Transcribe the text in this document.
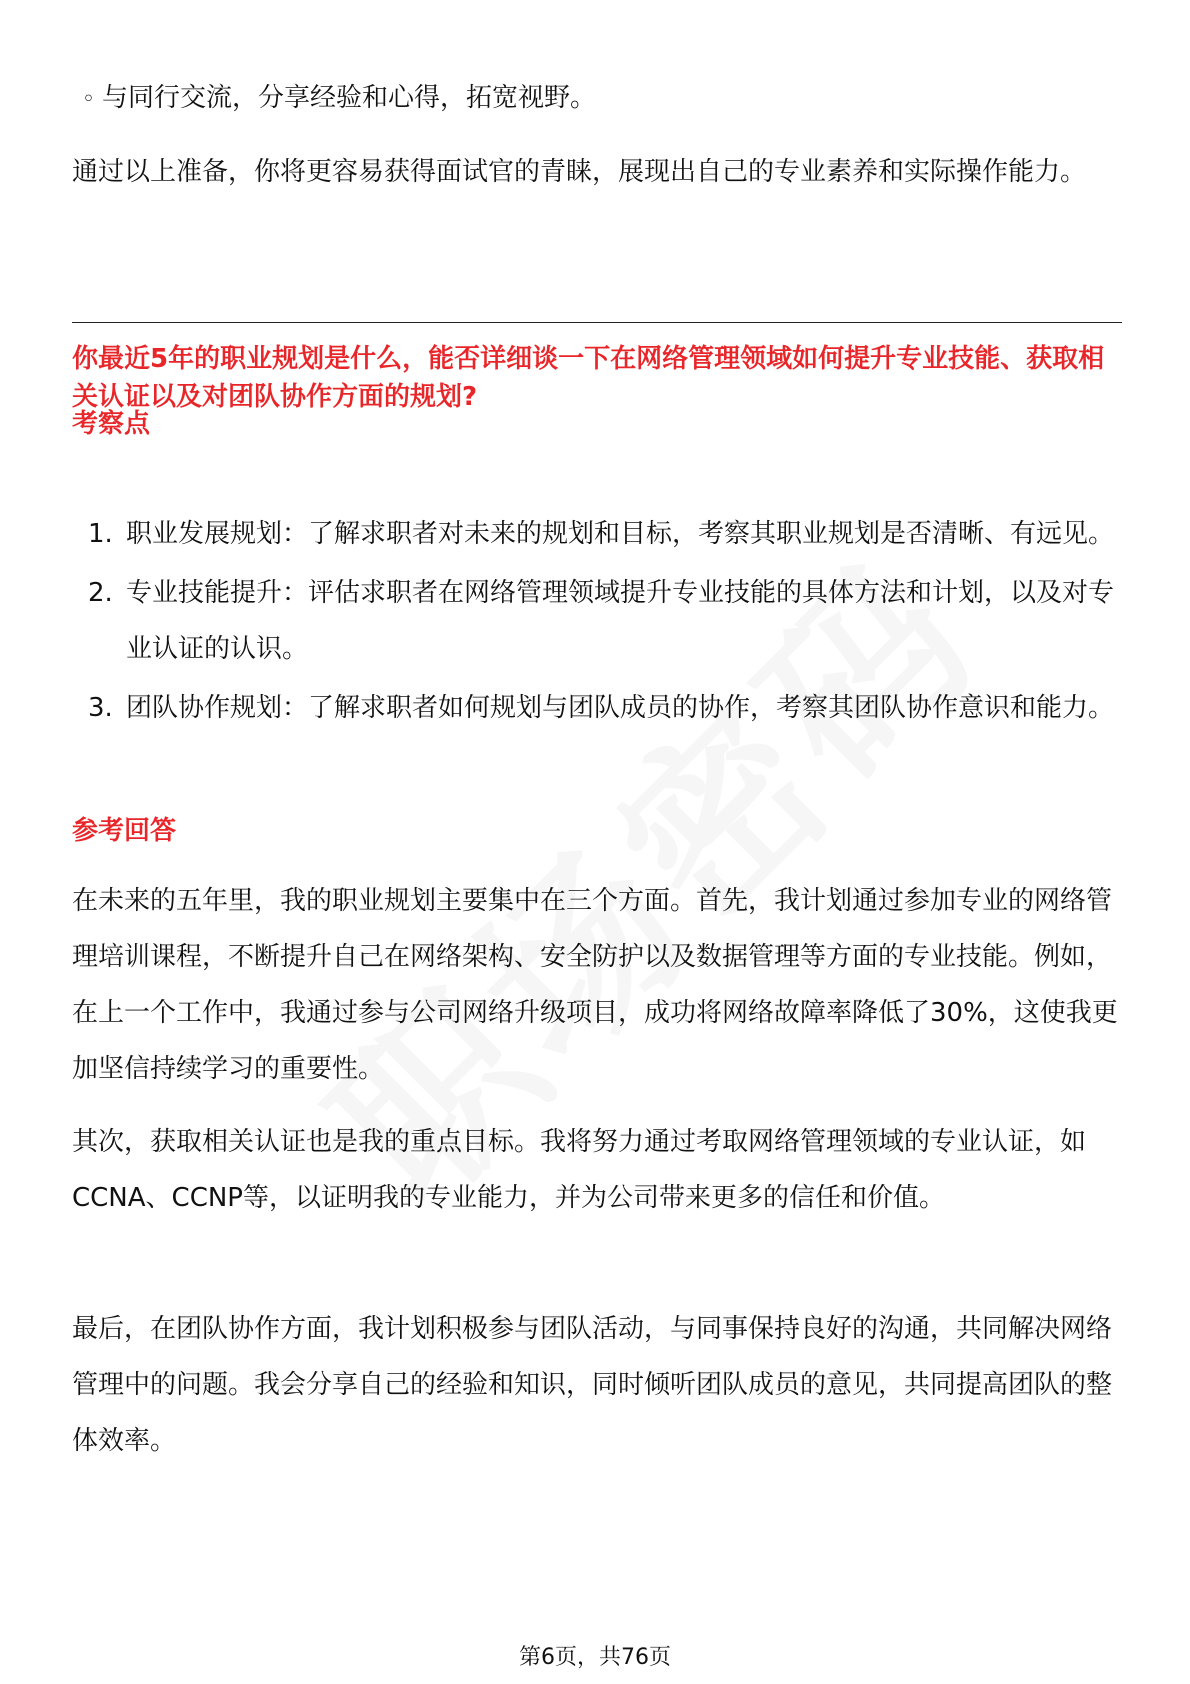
◦ 与同行交流，分享经验和心得，拓宽视野。

通过以上准备，你将更容易获得面试官的青睐，展现出自己的专业素养和实际操作能力。

你最近5年的职业规划是什么，能否详细谈一下在网络管理领域如何提升专业技能、获取相关认证以及对团队协作方面的规划?

考察点
1. 职业发展规划：了解求职者对未来的规划和目标，考察其职业规划是否清晰、有远见。
2. 专业技能提升：评估求职者在网络管理领域提升专业技能的具体方法和计划，以及对专业认证的认识。
3. 团队协作规划：了解求职者如何规划与团队成员的协作，考察其团队协作意识和能力。
参考回答

在未来的五年里，我的职业规划主要集中在三个方面。首先，我计划通过参加专业的网络管理培训课程，不断提升自己在网络架构、安全防护以及数据管理等方面的专业技能。例如，在上一个工作中，我通过参与公司网络升级项目，成功将网络故障率降低了30%，这使我更加坚信持续学习的重要性。

其次，获取相关认证也是我的重点目标。我将努力通过考取网络管理领域的专业认证，如CCNA、CCNP等，以证明我的专业能力，并为公司带来更多的信任和价值。

最后，在团队协作方面，我计划积极参与团队活动，与同事保持良好的沟通，共同解决网络管理中的问题。我会分享自己的经验和知识，同时倾听团队成员的意见，共同提高团队的整体效率。

第6页，共76页
